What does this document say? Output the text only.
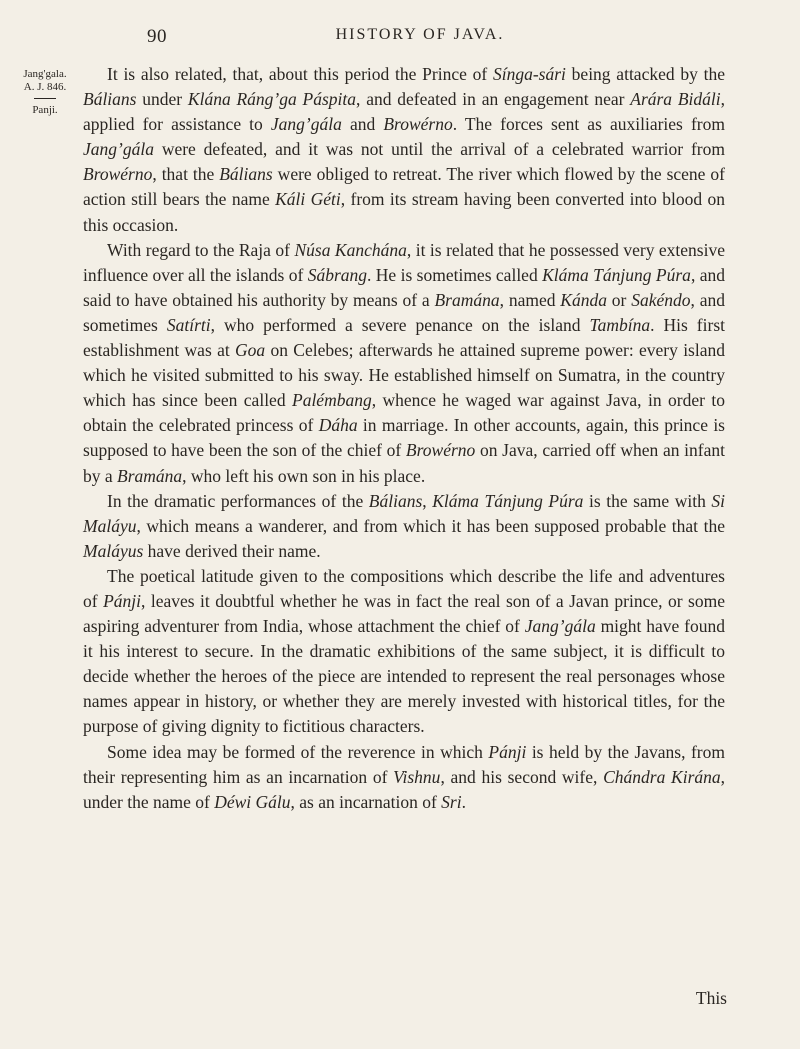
90	HISTORY OF JAVA.
Jang'gala.
A. J. 846.
Panji.

It is also related, that, about this period the Prince of Sínga-sári being attacked by the Bálians under Klána Ráng’ga Páspita, and defeated in an engagement near Arára Bidáli, applied for assistance to Jang’gála and Browérno. The forces sent as auxiliaries from Jang’gála were defeated, and it was not until the arrival of a celebrated warrior from Browérno, that the Bálians were obliged to retreat. The river which flowed by the scene of action still bears the name Káli Géti, from its stream having been converted into blood on this occasion.

With regard to the Raja of Núsa Kanchána, it is related that he possessed very extensive influence over all the islands of Sábrang. He is sometimes called Kláma Tánjung Púra, and said to have obtained his authority by means of a Bramána, named Kánda or Sakéndo, and sometimes Satírti, who performed a severe penance on the island Tambína. His first establishment was at Goa on Celebes; afterwards he attained supreme power: every island which he visited submitted to his sway. He established himself on Sumatra, in the country which has since been called Palémbang, whence he waged war against Java, in order to obtain the celebrated princess of Dáha in marriage. In other accounts, again, this prince is supposed to have been the son of the chief of Browérno on Java, carried off when an infant by a Bramána, who left his own son in his place.

In the dramatic performances of the Bálians, Kláma Tánjung Púra is the same with Si Maláyu, which means a wanderer, and from which it has been supposed probable that the Maláyus have derived their name.

The poetical latitude given to the compositions which describe the life and adventures of Pánji, leaves it doubtful whether he was in fact the real son of a Javan prince, or some aspiring adventurer from India, whose attachment the chief of Jang’gála might have found it his interest to secure. In the dramatic exhibitions of the same subject, it is difficult to decide whether the heroes of the piece are intended to represent the real personages whose names appear in history, or whether they are merely invested with historical titles, for the purpose of giving dignity to fictitious characters.

Some idea may be formed of the reverence in which Pánji is held by the Javans, from their representing him as an incarnation of Vishnu, and his second wife, Chándra Kirána, under the name of Déwi Gálu, as an incarnation of Sri.

This
